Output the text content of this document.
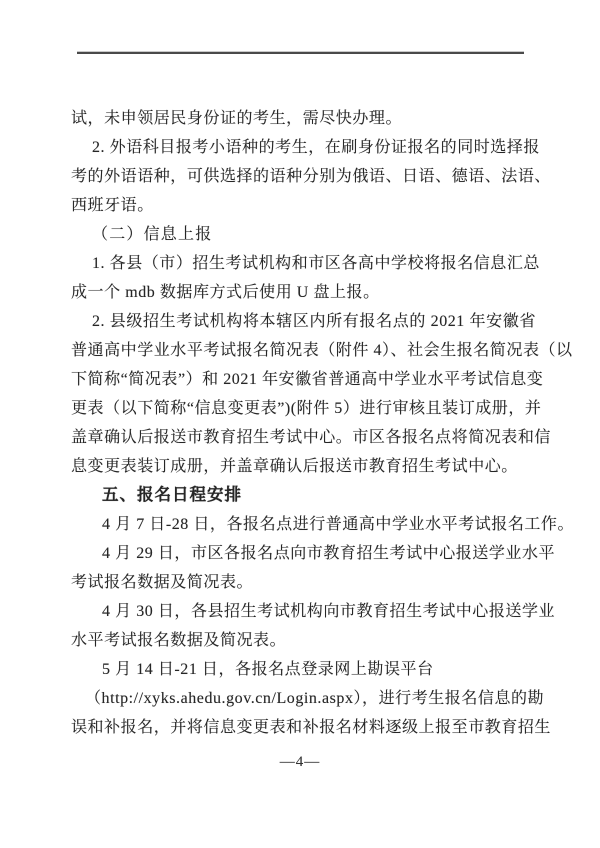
试，未申领居民身份证的考生，需尽快办理。
2. 外语科目报考小语种的考生，在刷身份证报名的同时选择报
考的外语语种，可供选择的语种分别为俄语、日语、德语、法语、
西班牙语。
（二）信息上报
1. 各县（市）招生考试机构和市区各高中学校将报名信息汇总
成一个 mdb 数据库方式后使用 U 盘上报。
2. 县级招生考试机构将本辖区内所有报名点的 2021 年安徽省
普通高中学业水平考试报名简况表（附件 4）、社会生报名简况表（以
下简称“简况表”）和 2021 年安徽省普通高中学业水平考试信息变
更表（以下简称“信息变更表”)(附件 5）进行审核且装订成册，并
盖章确认后报送市教育招生考试中心。市区各报名点将简况表和信
息变更表装订成册，并盖章确认后报送市教育招生考试中心。
五、报名日程安排
4 月 7 日-28 日，各报名点进行普通高中学业水平考试报名工作。
4 月 29 日，市区各报名点向市教育招生考试中心报送学业水平
考试报名数据及简况表。
4 月 30 日，各县招生考试机构向市教育招生考试中心报送学业
水平考试报名数据及简况表。
5 月 14 日-21 日，各报名点登录网上勘误平台
（http://xyks.ahedu.gov.cn/Login.aspx），进行考生报名信息的勘
误和补报名，并将信息变更表和补报名材料逐级上报至市教育招生
—4—
